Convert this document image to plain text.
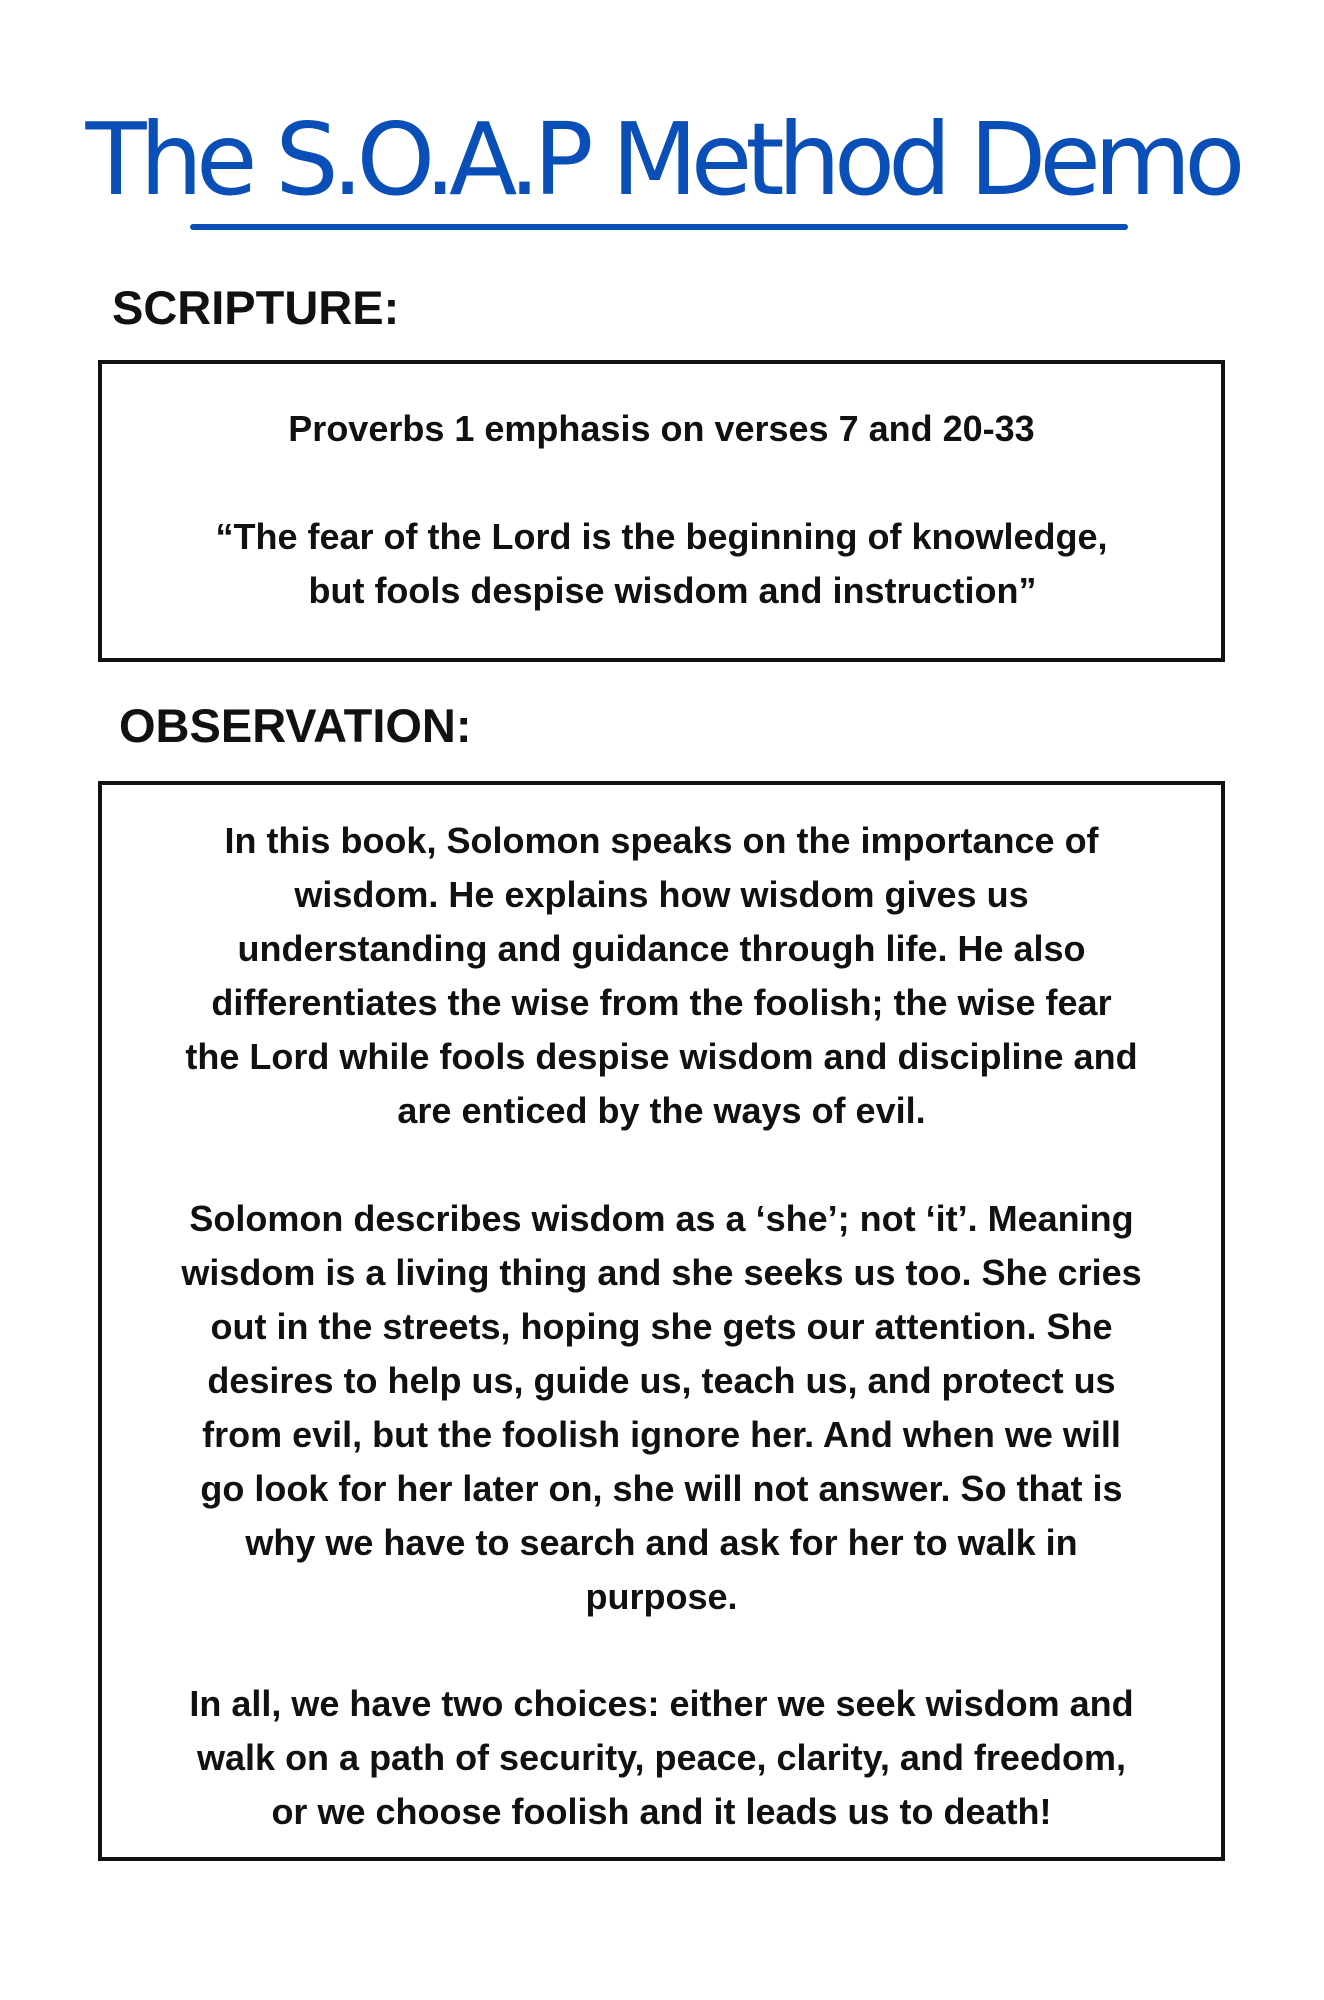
The S.O.A.P Method Demo
SCRIPTURE:
Proverbs 1 emphasis on verses 7 and 20-33
“The fear of the Lord is the beginning of knowledge,
but fools despise wisdom and instruction”
OBSERVATION:
In this book, Solomon speaks on the importance of
wisdom. He explains how wisdom gives us
understanding and guidance through life. He also
differentiates the wise from the foolish; the wise fear
the Lord while fools despise wisdom and discipline and
are enticed by the ways of evil.
Solomon describes wisdom as a ‘she’; not ‘it’. Meaning
wisdom is a living thing and she seeks us too. She cries
out in the streets, hoping she gets our attention. She
desires to help us, guide us, teach us, and protect us
from evil, but the foolish ignore her. And when we will
go look for her later on, she will not answer. So that is
why we have to search and ask for her to walk in
purpose.
In all, we have two choices: either we seek wisdom and
walk on a path of security, peace, clarity, and freedom,
or we choose foolish and it leads us to death!
